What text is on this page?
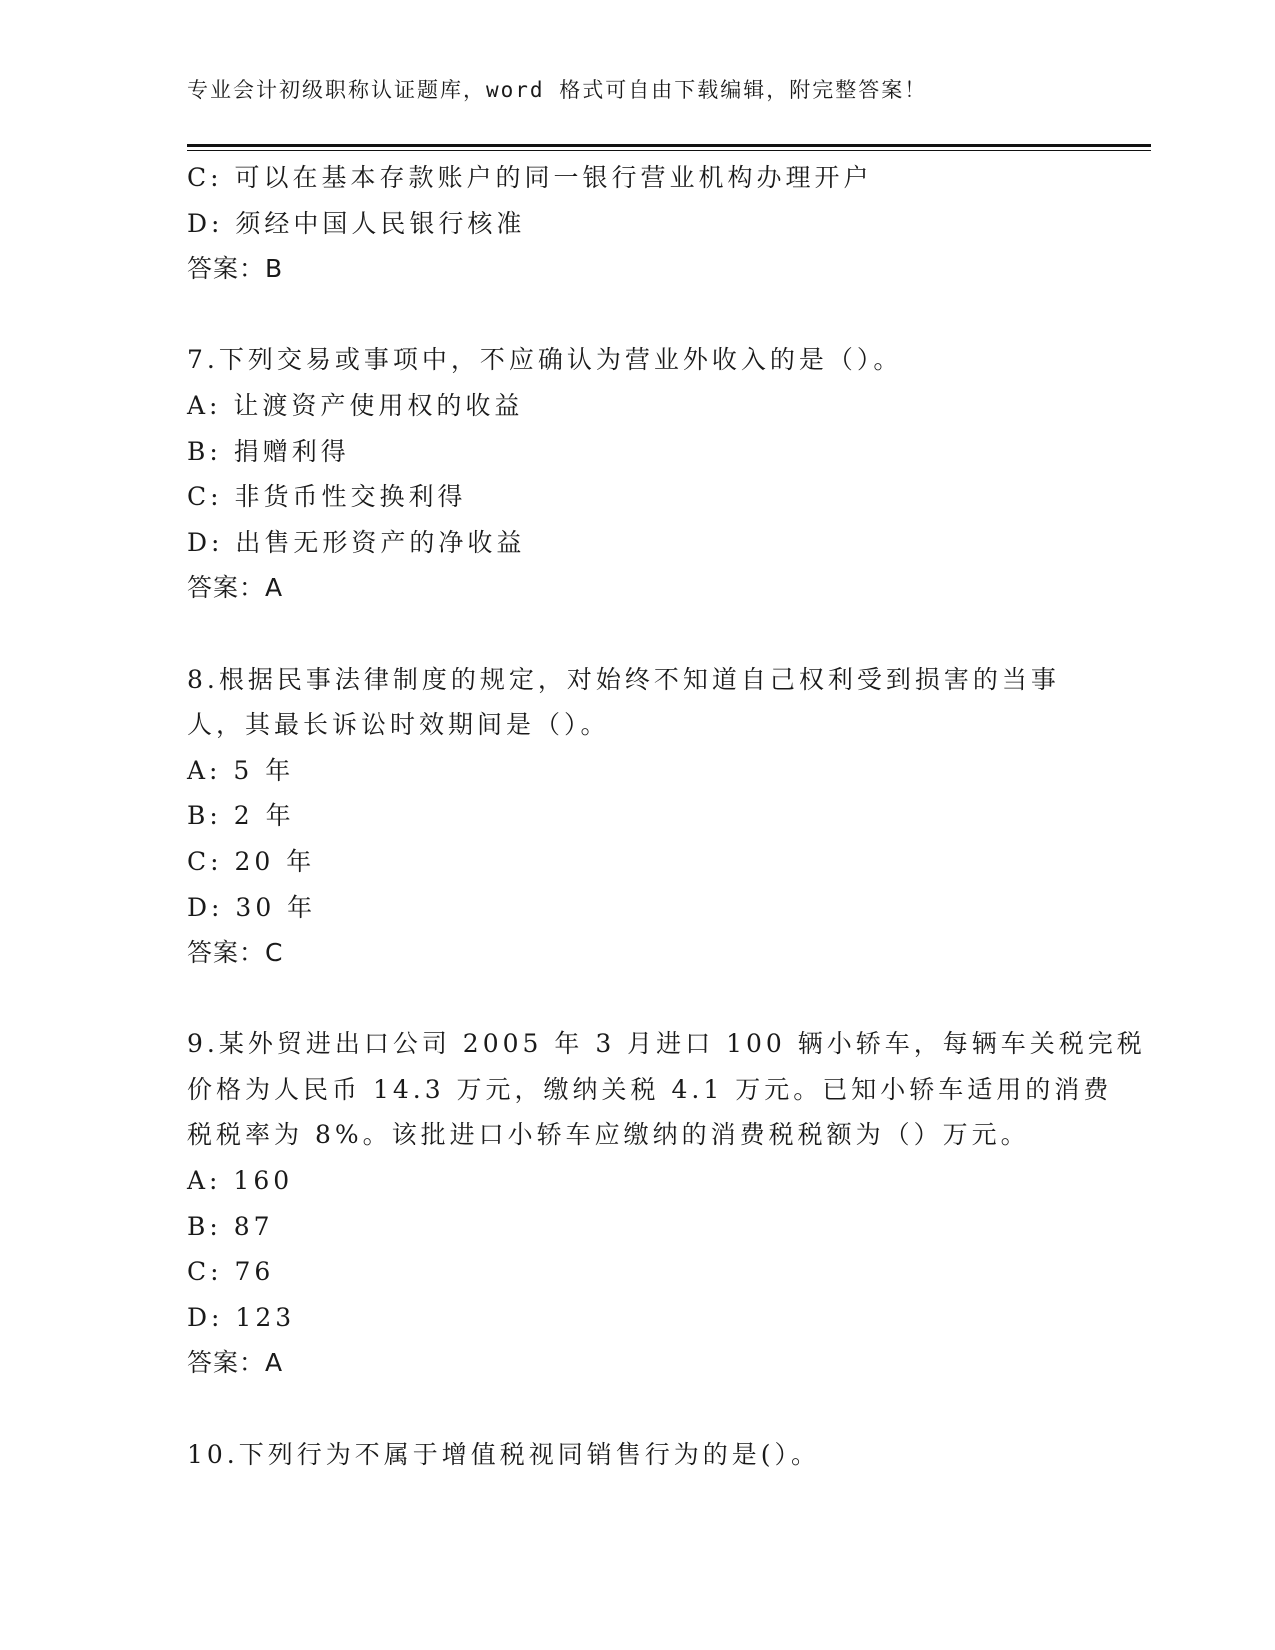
专业会计初级职称认证题库，word 格式可自由下载编辑，附完整答案！
C: 可以在基本存款账户的同一银行营业机构办理开户
D: 须经中国人民银行核准
答案：B
7.下列交易或事项中，不应确认为营业外收入的是（）。
A: 让渡资产使用权的收益
B: 捐赠利得
C: 非货币性交换利得
D: 出售无形资产的净收益
答案：A
8.根据民事法律制度的规定，对始终不知道自己权利受到损害的当事
人，其最长诉讼时效期间是（）。
A: 5 年
B: 2 年
C: 20 年
D: 30 年
答案：C
9.某外贸进出口公司 2005 年 3 月进口 100 辆小轿车，每辆车关税完税
价格为人民币 14.3 万元，缴纳关税 4.1 万元。已知小轿车适用的消费
税税率为 8%。该批进口小轿车应缴纳的消费税税额为（）万元。
A: 160
B: 87
C: 76
D: 123
答案：A
10.下列行为不属于增值税视同销售行为的是(）。
